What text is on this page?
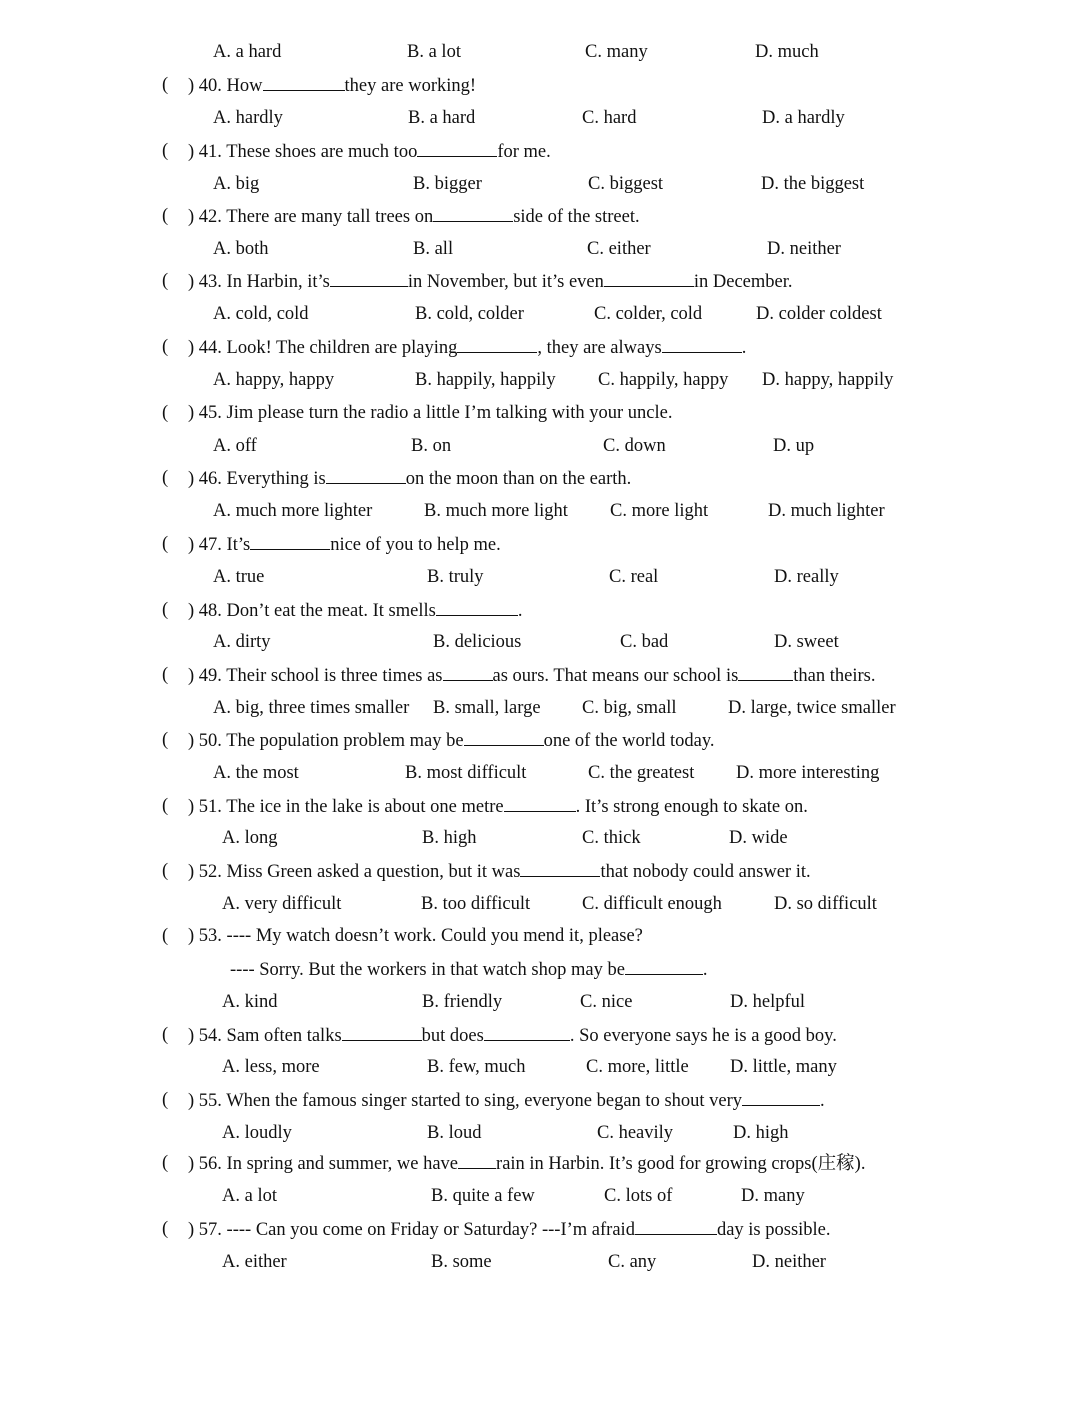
A. a hard	B. a lot	C. many	D. much
( ) 40. How	they are working!
A. hardly	B. a hard	C. hard	D. a hardly
( ) 41. These shoes are much too	for me.
A. big	B. bigger	C. biggest	D. the biggest
( ) 42. There are many tall trees on	side of the street.
A. both	B. all	C. either	D. neither
( ) 43. In Harbin, it’s	in November, but it’s even	in December.
A. cold, cold	B. cold, colder	C. colder, cold	D. colder coldest
( ) 44. Look! The children are playing	, they are always	.
A. happy, happy	B. happily, happily C. happily, happy D. happy, happily
( ) 45. Jim please turn the radio a little I’m talking with your uncle.
A. off	B. on	C. down	D. up
( ) 46. Everything is	on the moon than on the earth.
A. much more lighter	B. much more light C. more light	D. much lighter
( ) 47. It’s	nice of you to help me.
A. true	B. truly	C. real	D. really
( ) 48. Don’t eat the meat. It smells	.
A. dirty	B. delicious	C. bad	D. sweet
( ) 49. Their school is three times as	as ours. That means our school is	than theirs.
A. big, three times smaller B. small, large C. big, small	D. large, twice smaller
( ) 50. The population problem may be	one of the world today.
A. the most	B. most difficult	C. the greatest D. more interesting
( ) 51. The ice in the lake is about one metre	. It’s strong enough to skate on.
A. long	B. high	C. thick	D. wide
( ) 52. Miss Green asked a question, but it was	that nobody could answer it.
A. very difficult	B. too difficult	C. difficult enough	D. so difficult
( ) 53. ---- My watch doesn’t work. Could you mend it, please?
---- Sorry. But the workers in that watch shop may be	.
A. kind	B. friendly	C. nice	D. helpful
( ) 54. Sam often talks	but does	. So everyone says he is a good boy.
A. less, more	B. few, much	C. more, little D. little, many
( ) 55. When the famous singer started to sing, everyone began to shout very	.
A. loudly	B. loud	C. heavily	D. high
( ) 56. In spring and summer, we have rain in Harbin. It’s good for growing crops(庄稼).
A. a lot	B. quite a few	C. lots of	D. many
( ) 57. ---- Can you come on Friday or Saturday? ---I’m afraid	day is possible.
A. either	B. some	C. any	D. neither
